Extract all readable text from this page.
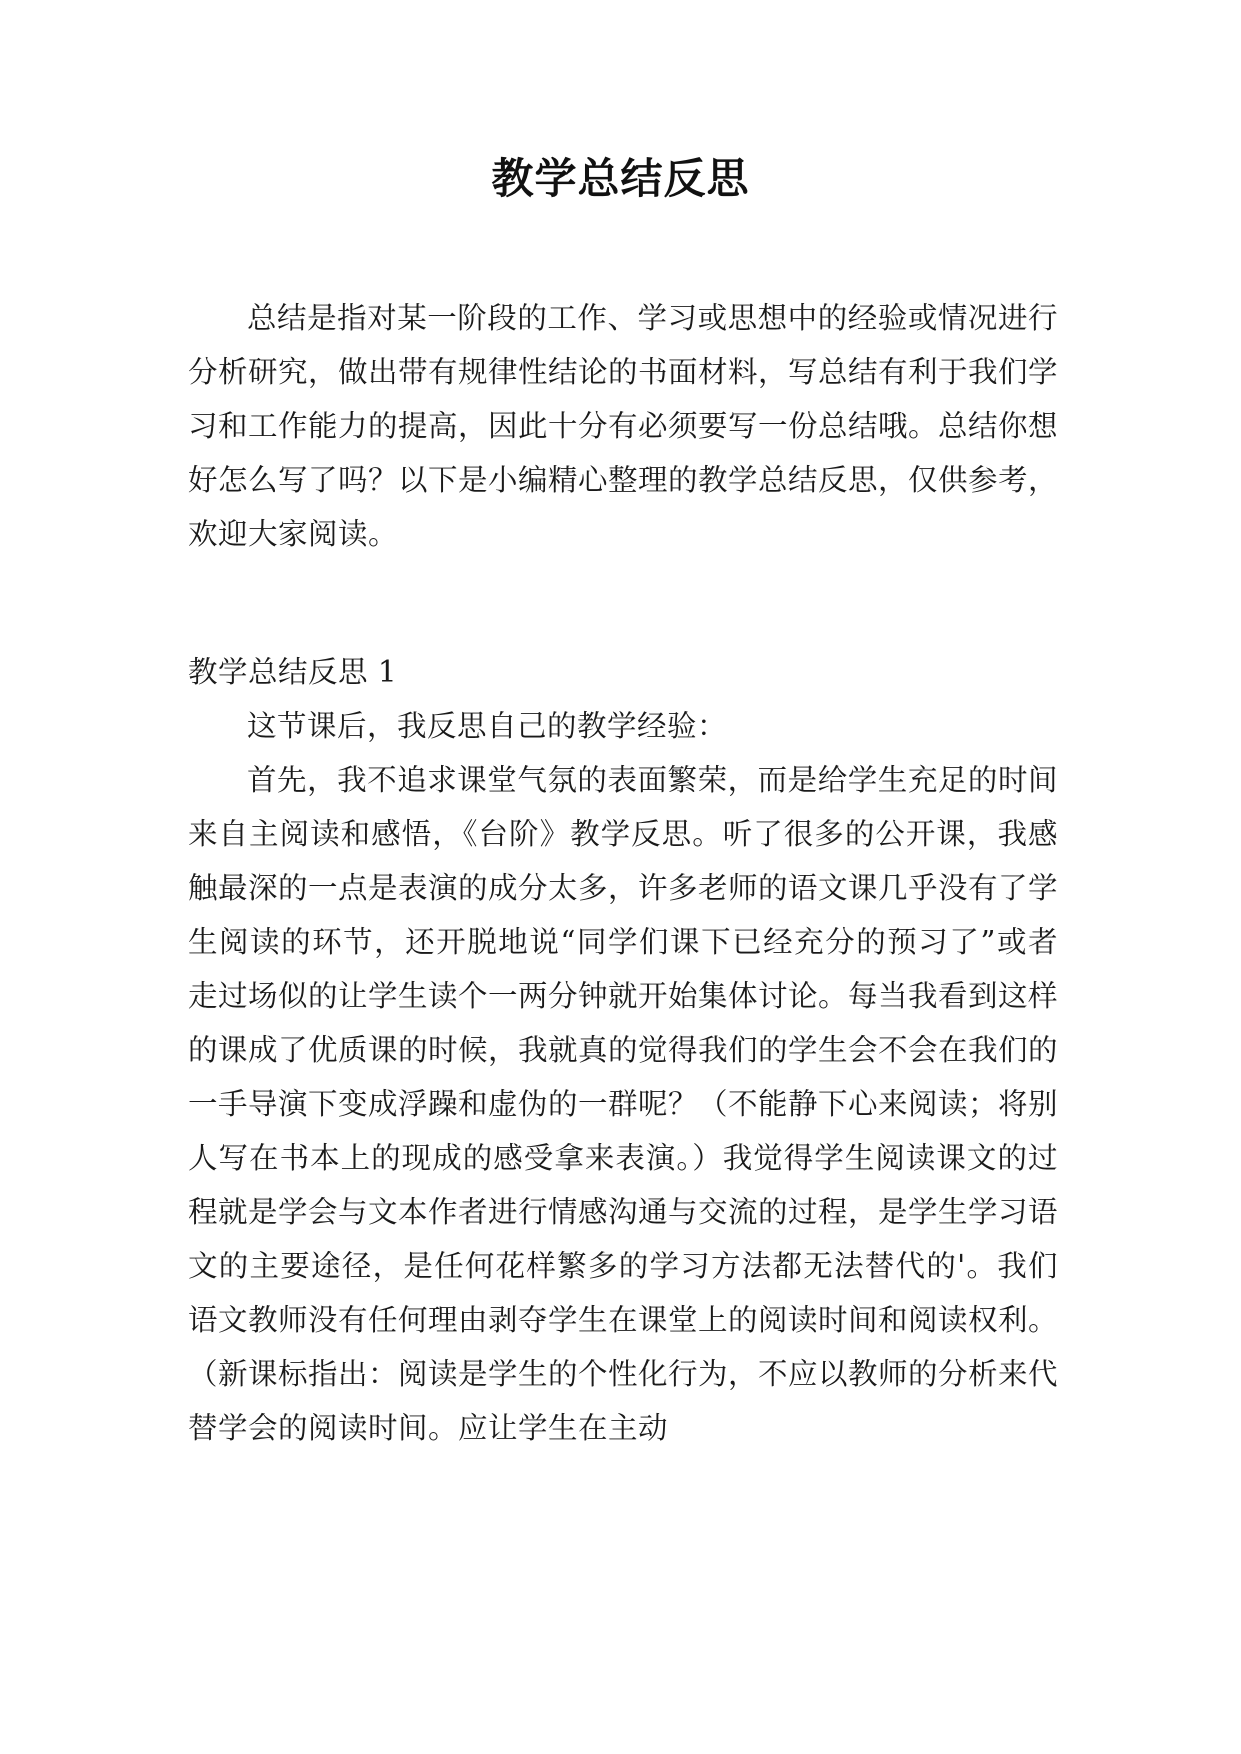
教学总结反思

总结是指对某一阶段的工作、学习或思想中的经验或情况进行分析研究，做出带有规律性结论的书面材料，写总结有利于我们学习和工作能力的提高，因此十分有必须要写一份总结哦。总结你想好怎么写了吗？以下是小编精心整理的教学总结反思，仅供参考，欢迎大家阅读。

教学总结反思 1

这节课后，我反思自己的教学经验：

首先，我不追求课堂气氛的表面繁荣，而是给学生充足的时间来自主阅读和感悟，《台阶》教学反思。听了很多的公开课，我感触最深的一点是表演的成分太多，许多老师的语文课几乎没有了学生阅读的环节，还开脱地说“同学们课下已经充分的预习了”或者走过场似的让学生读个一两分钟就开始集体讨论。每当我看到这样的课成了优质课的时候，我就真的觉得我们的学生会不会在我们的一手导演下变成浮躁和虚伪的一群呢？（不能静下心来阅读；将别人写在书本上的现成的感受拿来表演。）我觉得学生阅读课文的过程就是学会与文本作者进行情感沟通与交流的过程，是学生学习语文的主要途径，是任何花样繁多的学习方法都无法替代的'。我们语文教师没有任何理由剥夺学生在课堂上的阅读时间和阅读权利。（新课标指出：阅读是学生的个性化行为，不应以教师的分析来代替学会的阅读时间。应让学生在主动
